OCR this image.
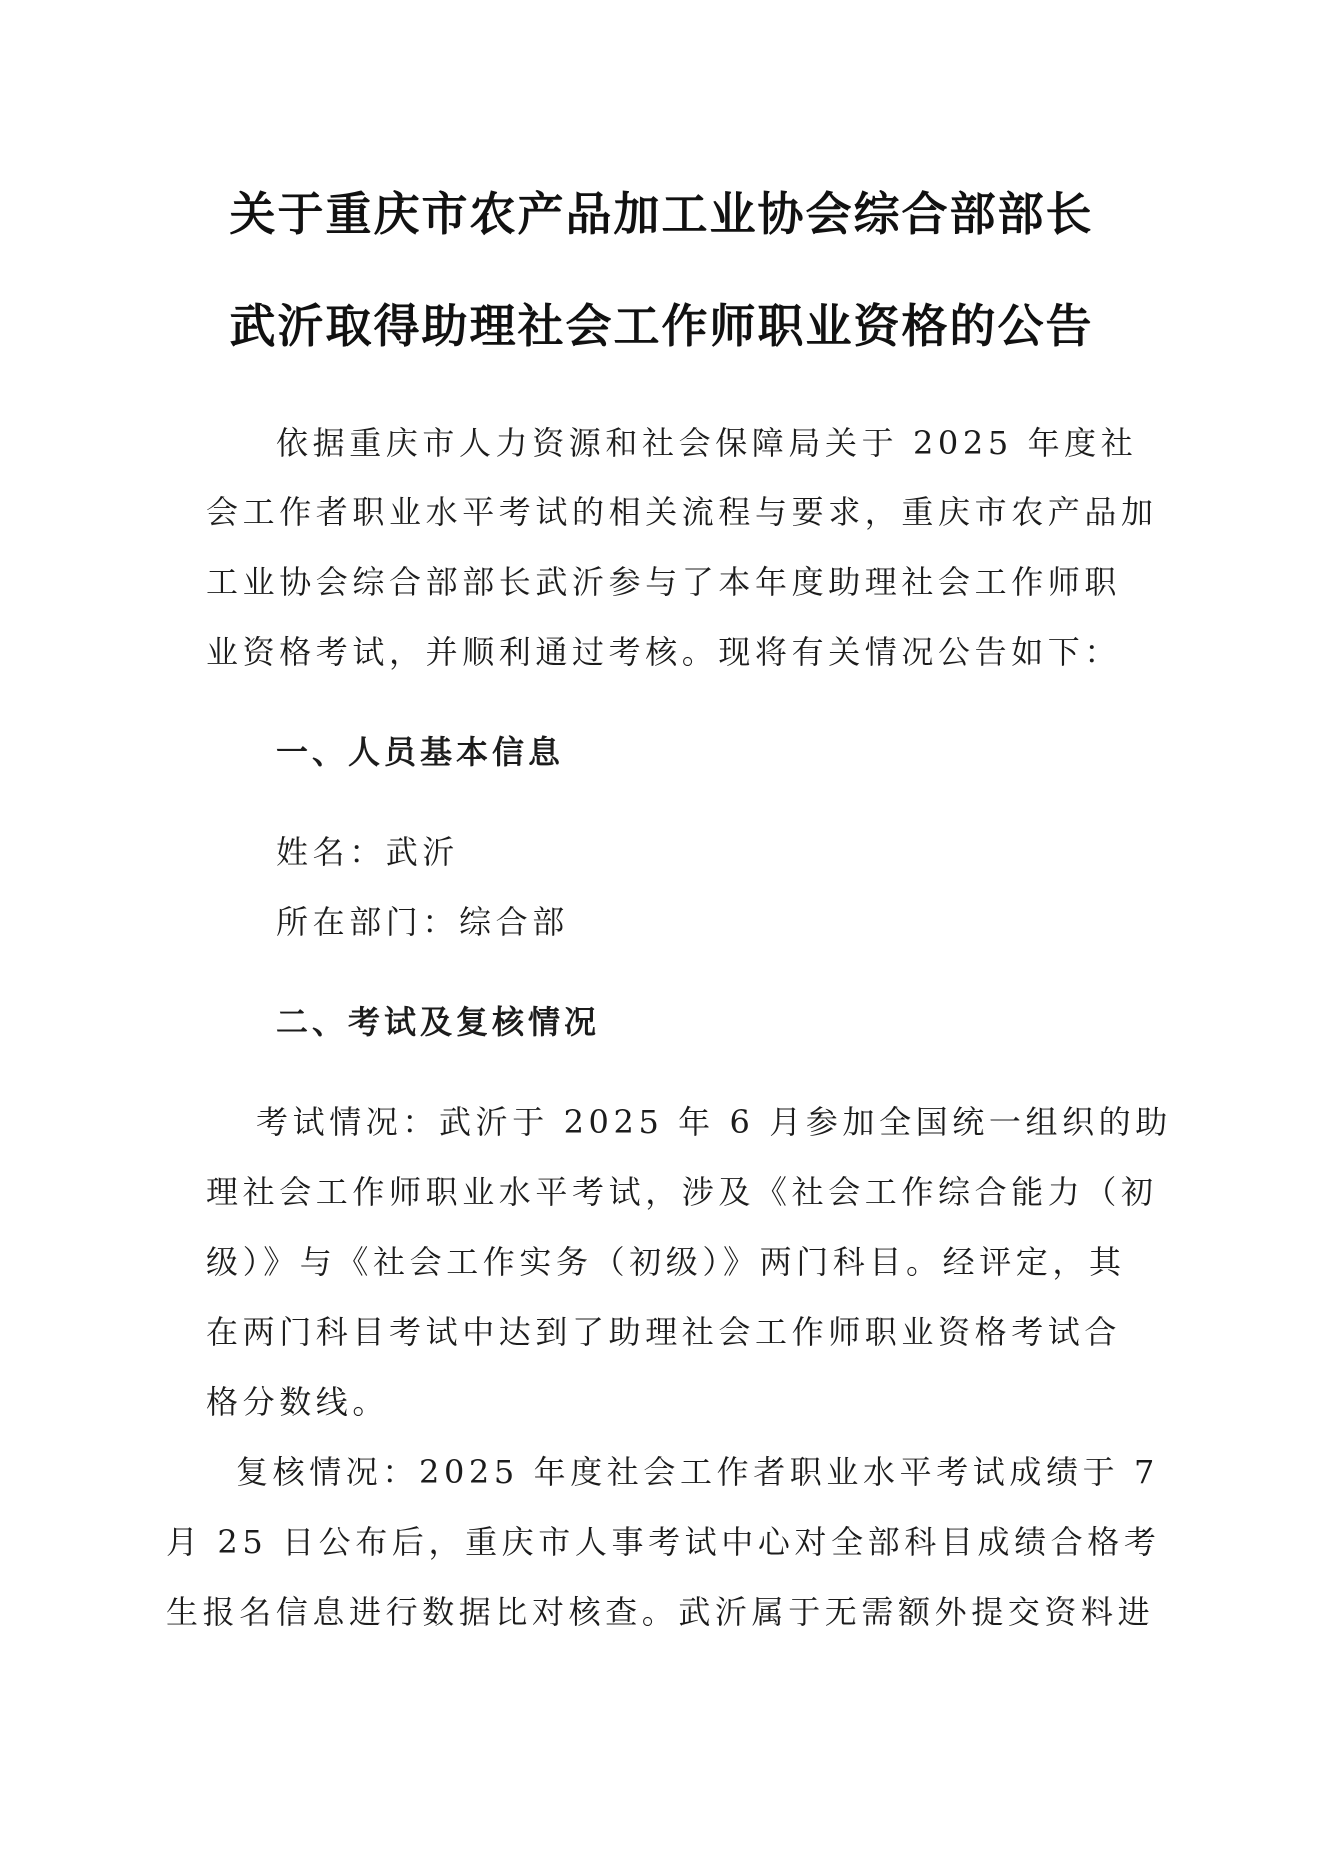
关于重庆市农产品加工业协会综合部部长
武沂取得助理社会工作师职业资格的公告
依据重庆市人力资源和社会保障局关于 2025 年度社
会工作者职业水平考试的相关流程与要求，重庆市农产品加
工业协会综合部部长武沂参与了本年度助理社会工作师职
业资格考试，并顺利通过考核。现将有关情况公告如下：
一、人员基本信息
姓名：武沂
所在部门：综合部
二、考试及复核情况
考试情况：武沂于 2025 年 6 月参加全国统一组织的助
理社会工作师职业水平考试，涉及《社会工作综合能力（初
级）》与《社会工作实务（初级）》两门科目。经评定，其
在两门科目考试中达到了助理社会工作师职业资格考试合
格分数线。
复核情况：2025 年度社会工作者职业水平考试成绩于 7
月 25 日公布后，重庆市人事考试中心对全部科目成绩合格考
生报名信息进行数据比对核查。武沂属于无需额外提交资料进
